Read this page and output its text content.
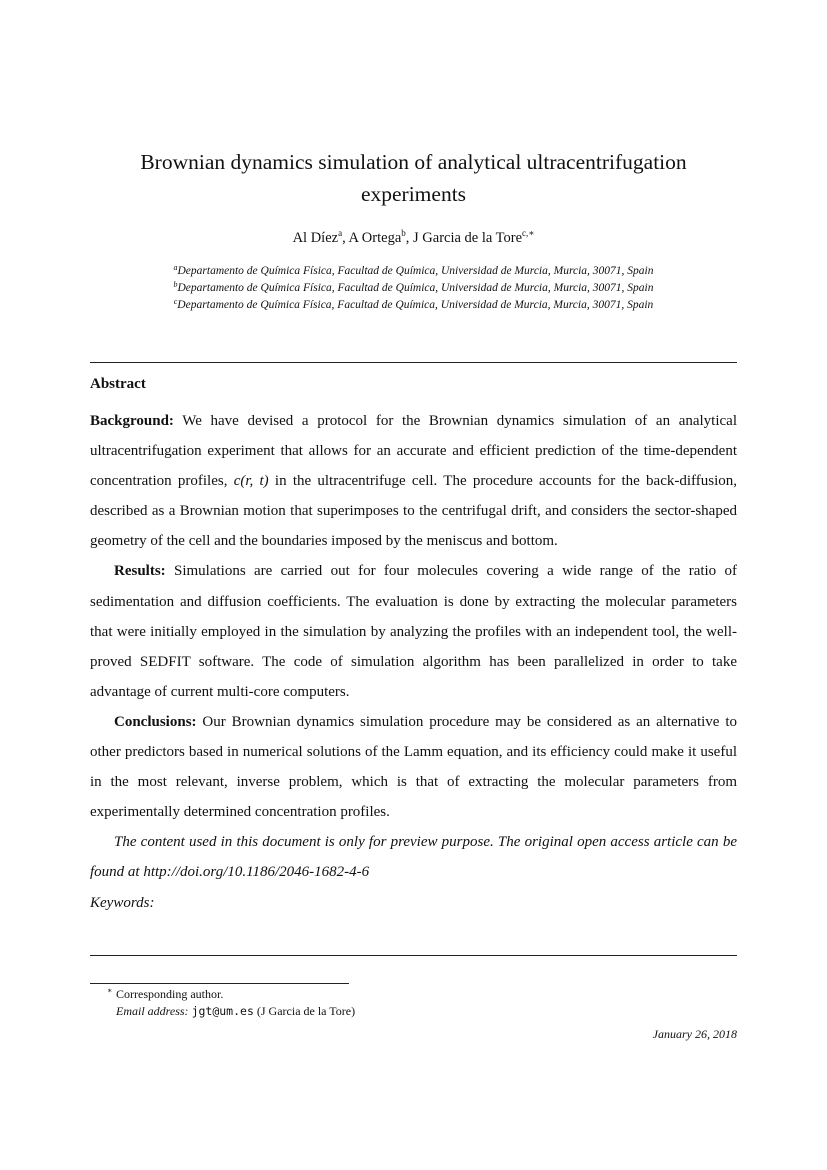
Brownian dynamics simulation of analytical ultracentrifugation experiments
Al Díez$^a$, A Ortega$^b$, J Garcia de la Tore$^{c,∗}$
$^a$Departamento de Química Física, Facultad de Química, Universidad de Murcia, Murcia, 30071, Spain
$^b$Departamento de Química Física, Facultad de Química, Universidad de Murcia, Murcia, 30071, Spain
$^c$Departamento de Química Física, Facultad de Química, Universidad de Murcia, Murcia, 30071, Spain
Abstract

Background: We have devised a protocol for the Brownian dynamics simulation of an analytical ultracentrifugation experiment that allows for an accurate and efficient prediction of the time-dependent concentration profiles, c(r, t) in the ultracentrifuge cell. The procedure accounts for the back-diffusion, described as a Brownian motion that superimposes to the centrifugal drift, and considers the sector-shaped geometry of the cell and the boundaries imposed by the meniscus and bottom.

Results: Simulations are carried out for four molecules covering a wide range of the ratio of sedimentation and diffusion coefficients. The evaluation is done by extracting the molecular parameters that were initially employed in the simulation by analyzing the profiles with an independent tool, the well-proved SEDFIT software. The code of simulation algorithm has been parallelized in order to take advantage of current multi-core computers.

Conclusions: Our Brownian dynamics simulation procedure may be considered as an alternative to other predictors based in numerical solutions of the Lamm equation, and its efficiency could make it useful in the most relevant, inverse problem, which is that of extracting the molecular parameters from experimentally determined concentration profiles.

The content used in this document is only for preview purpose. The original open access article can be found at http://doi.org/10.1186/2046-1682-4-6

Keywords:

∗ Corresponding author.
Email address: jgt@um.es (J Garcia de la Tore)
January 26, 2018
